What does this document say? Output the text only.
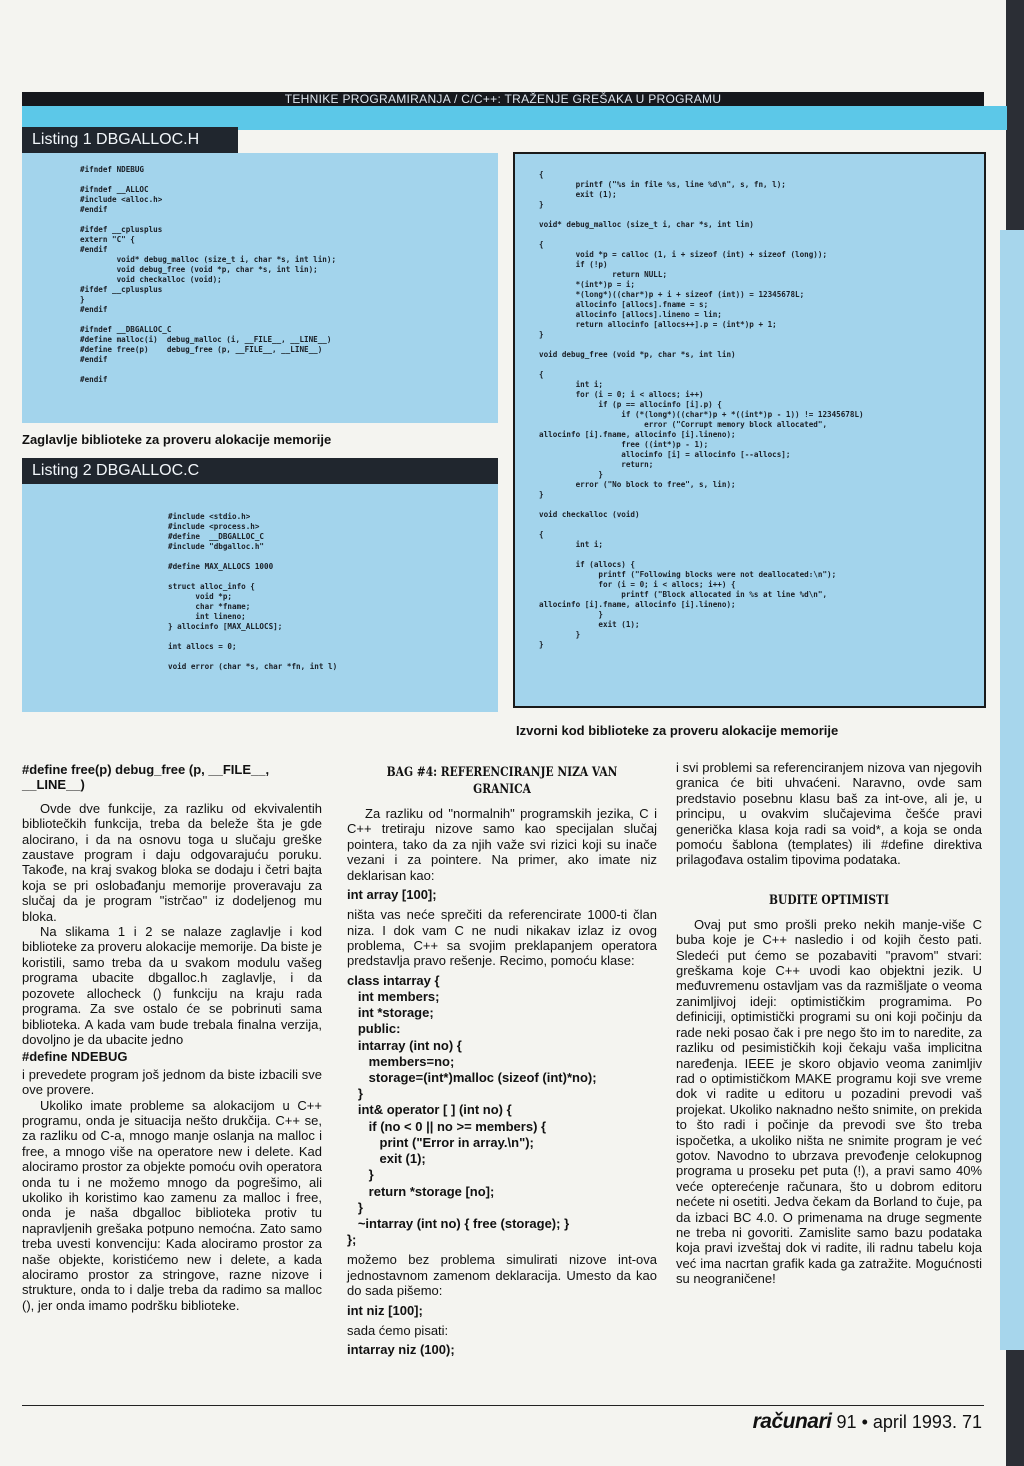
TEHNIKE PROGRAMIRANJA / C/C++: TRAŽENJE GREŠAKA U PROGRAMU
Listing 1 DBGALLOC.H
#ifndef NDEBUG

#ifndef __ALLOC
#include <alloc.h>
#endif

#ifdef __cplusplus
extern "C" {
#endif
void* debug_malloc (size_t i, char *s, int lin);
void debug_free (void *p, char *s, int lin);
void checkalloc (void);
#ifdef __cplusplus
}
#endif

#ifndef __DBGALLOC_C
#define malloc(i)  debug_malloc (i, __FILE__, __LINE__)
#define free(p)    debug_free (p, __FILE__, __LINE__)
#endif

#endif
Zaglavlje biblioteke za proveru alokacije memorije
Listing 2 DBGALLOC.C
#include <stdio.h>
#include <process.h>
#define  __DBGALLOC_C
#include "dbgalloc.h"

#define MAX_ALLOCS 1000

struct alloc_info {
void *p;
char *fname;
int lineno;
} allocinfo [MAX_ALLOCS];

int allocs = 0;

void error (char *s, char *fn, int l)
{
printf ("%s in file %s, line %d\n", s, fn, l);
exit (1);
}

void* debug_malloc (size_t i, char *s, int lin)

{
void *p = calloc (1, i + sizeof (int) + sizeof (long));
if (!p)
return NULL;
*(int*)p = i;
*(long*)((char*)p + i + sizeof (int)) = 12345678L;
allocinfo [allocs].fname = s;
allocinfo [allocs].lineno = lin;
return allocinfo [allocs++].p = (int*)p + 1;
}

void debug_free (void *p, char *s, int lin)

{
int i;
for (i = 0; i < allocs; i++)
if (p == allocinfo [i].p) {
if (*(long*)((char*)p + *((int*)p - 1)) != 12345678L)
error ("Corrupt memory block allocated",
allocinfo [i].fname, allocinfo [i].lineno);
free ((int*)p - 1);
allocinfo [i] = allocinfo [--allocs];
return;
}
error ("No block to free", s, lin);
}

void checkalloc (void)

{
int i;

if (allocs) {
printf ("Following blocks were not deallocated:\n");
for (i = 0; i < allocs; i++) {
printf ("Block allocated in %s at line %d\n",
allocinfo [i].fname, allocinfo [i].lineno);
}
exit (1);
}
}
Izvorni kod biblioteke za proveru alokacije memorije
#define free(p) debug_free (p, __FILE__, __LINE__)

Ovde dve funkcije, za razliku od ekvivalentih bibliotečkih funkcija, treba da beleže šta je gde alocirano, i da na osnovu toga u slučaju greške zaustave program i daju odgovarajuću poruku. Takođe, na kraj svakog bloka se dodaju i četri bajta koja se pri oslobađanju memorije proveravaju za slučaj da je program "istrčao" iz dodeljenog mu bloka.

Na slikama 1 i 2 se nalaze zaglavlje i kod biblioteke za proveru alokacije memorije. Da biste je koristili, samo treba da u svakom modulu vašeg programa ubacite dbgalloc.h zaglavlje, i da pozovete allocheck () funkciju na kraju rada programa. Za sve ostalo će se pobrinuti sama biblioteka. A kada vam bude trebala finalna verzija, dovoljno je da ubacite jedno

#define NDEBUG

i prevedete program još jednom da biste izbacili sve ove provere.

Ukoliko imate probleme sa alokacijom u C++ programu, onda je situacija nešto drukčija. C++ se, za razliku od C-a, mnogo manje oslanja na malloc i free, a mnogo više na operatore new i delete. Kad alociramo prostor za objekte pomoću ovih operatora onda tu i ne možemo mnogo da pogrešimo, ali ukoliko ih koristimo kao zamenu za malloc i free, onda je naša dbgalloc biblioteka protiv tu napravljenih grešaka potpuno nemoćna. Zato samo treba uvesti konvenciju: Kada alociramo prostor za naše objekte, koristićemo new i delete, a kada alociramo prostor za stringove, razne nizove i strukture, onda to i dalje treba da radimo sa malloc (), jer onda imamo podršku biblioteke.

BAG #4: REFERENCIRANJE NIZA VAN GRANICA

Za razliku od "normalnih" programskih jezika, C i C++ tretiraju nizove samo kao specijalan slučaj pointera, tako da za njih važe svi rizici koji su inače vezani i za pointere. Na primer, ako imate niz deklarisan kao:

int array [100];

ništa vas neće sprečiti da referencirate 1000-ti član niza. I dok vam C ne nudi nikakav izlaz iz ovog problema, C++ sa svojim preklapanjem operatora predstavlja pravo rešenje. Recimo, pomoću klase:

class intarray {
int members;
int *storage;
public:
intarray (int no) {
members=no;
storage=(int*)malloc (sizeof (int)*no);
}
int& operator [ ] (int no) {
if (no < 0 || no >= members) {
print ("Error in array.\n");
exit (1);
}
return *storage [no];
}
~intarray (int no) { free (storage); }
};

možemo bez problema simulirati nizove int-ova jednostavnom zamenom deklaracija. Umesto da kao do sada pišemo:

int niz [100];

sada ćemo pisati:

intarray niz (100);

i svi problemi sa referenciranjem nizova van njegovih granica će biti uhvaćeni. Naravno, ovde sam predstavio posebnu klasu baš za int-ove, ali je, u principu, u ovakvim slučajevima češće pravi generička klasa koja radi sa void*, a koja se onda pomoću šablona (templates) ili #define direktiva prilagođava ostalim tipovima podataka.

BUDITE OPTIMISTI

Ovaj put smo prošli preko nekih manje-više C buba koje je C++ nasledio i od kojih često pati. Sledeći put ćemo se pozabaviti "pravom" stvari: greškama koje C++ uvodi kao objektni jezik. U međuvremenu ostavljam vas da razmišljate o veoma zanimljivoj ideji: optimističkim programima. Po definiciji, optimistički programi su oni koji počinju da rade neki posao čak i pre nego što im to naredite, za razliku od pesimističkih koji čekaju vaša implicitna naređenja. IEEE je skoro objavio veoma zanimljiv rad o optimističkom MAKE programu koji sve vreme dok vi radite u editoru u pozadini prevodi vaš projekat. Ukoliko naknadno nešto snimite, on prekida to što radi i počinje da prevodi sve što treba ispočetka, a ukoliko ništa ne snimite program je već gotov. Navodno to ubrzava prevođenje celokupnog programa u proseku pet puta (!), a pravi samo 40% veće opterećenje računara, što u dobrom editoru nećete ni osetiti. Jedva čekam da Borland to čuje, pa da izbaci BC 4.0. O primenama na druge segmente ne treba ni govoriti. Zamislite samo bazu podataka koja pravi izveštaj dok vi radite, ili radnu tabelu koja već ima nacrtan grafik kada ga zatražite. Mogućnosti su neograničene!

računari 91 • april 1993. 71
